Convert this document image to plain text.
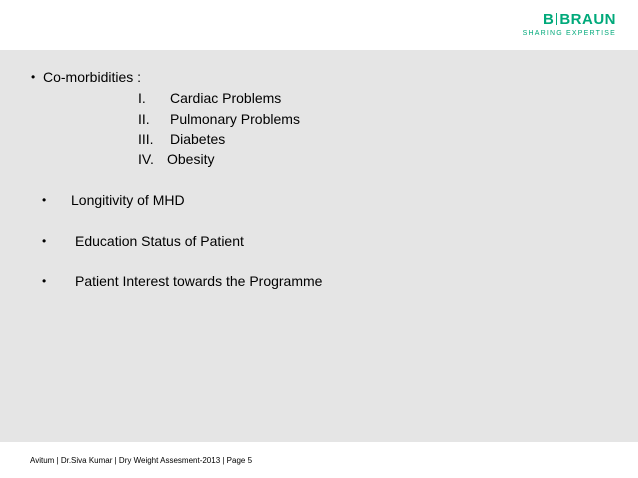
B BRAUN
SHARING EXPERTISE
• Co-morbidities :
I. Cardiac Problems
II. Pulmonary Problems
III. Diabetes
IV. Obesity
• Longitivity of MHD
• Education Status of Patient
• Patient Interest towards the Programme
Avitum | Dr.Siva Kumar | Dry Weight Assesment-2013 | Page 5
